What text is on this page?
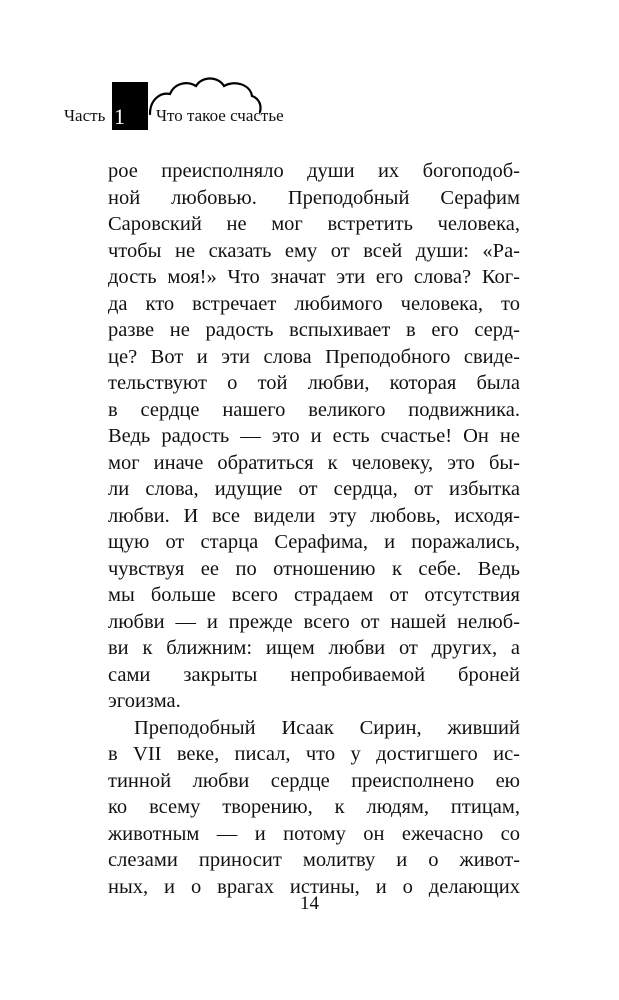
Часть 1 Что такое счастье
рое преисполняло души их богоподоб-
ной любовью. Преподобный Серафим
Саровский не мог встретить человека,
чтобы не сказать ему от всей души: «Ра-
дость моя!» Что значат эти его слова? Ког-
да кто встречает любимого человека, то
разве не радость вспыхивает в его серд-
це? Вот и эти слова Преподобного свиде-
тельствуют о той любви, которая была
в сердце нашего великого подвижника.
Ведь радость — это и есть счастье! Он не
мог иначе обратиться к человеку, это бы-
ли слова, идущие от сердца, от избытка
любви. И все видели эту любовь, исходя-
щую от старца Серафима, и поражались,
чувствуя ее по отношению к себе. Ведь
мы больше всего страдаем от отсутствия
любви — и прежде всего от нашей нелюб-
ви к ближним: ищем любви от других, а
сами закрыты непробиваемой броней
эгоизма.
Преподобный Исаак Сирин, живший
в VII веке, писал, что у достигшего ис-
тинной любви сердце преисполнено ею
ко всему творению, к людям, птицам,
животным — и потому он ежечасно со
слезами приносит молитву и о живот-
ных, и о врагах истины, и о делающих
14
